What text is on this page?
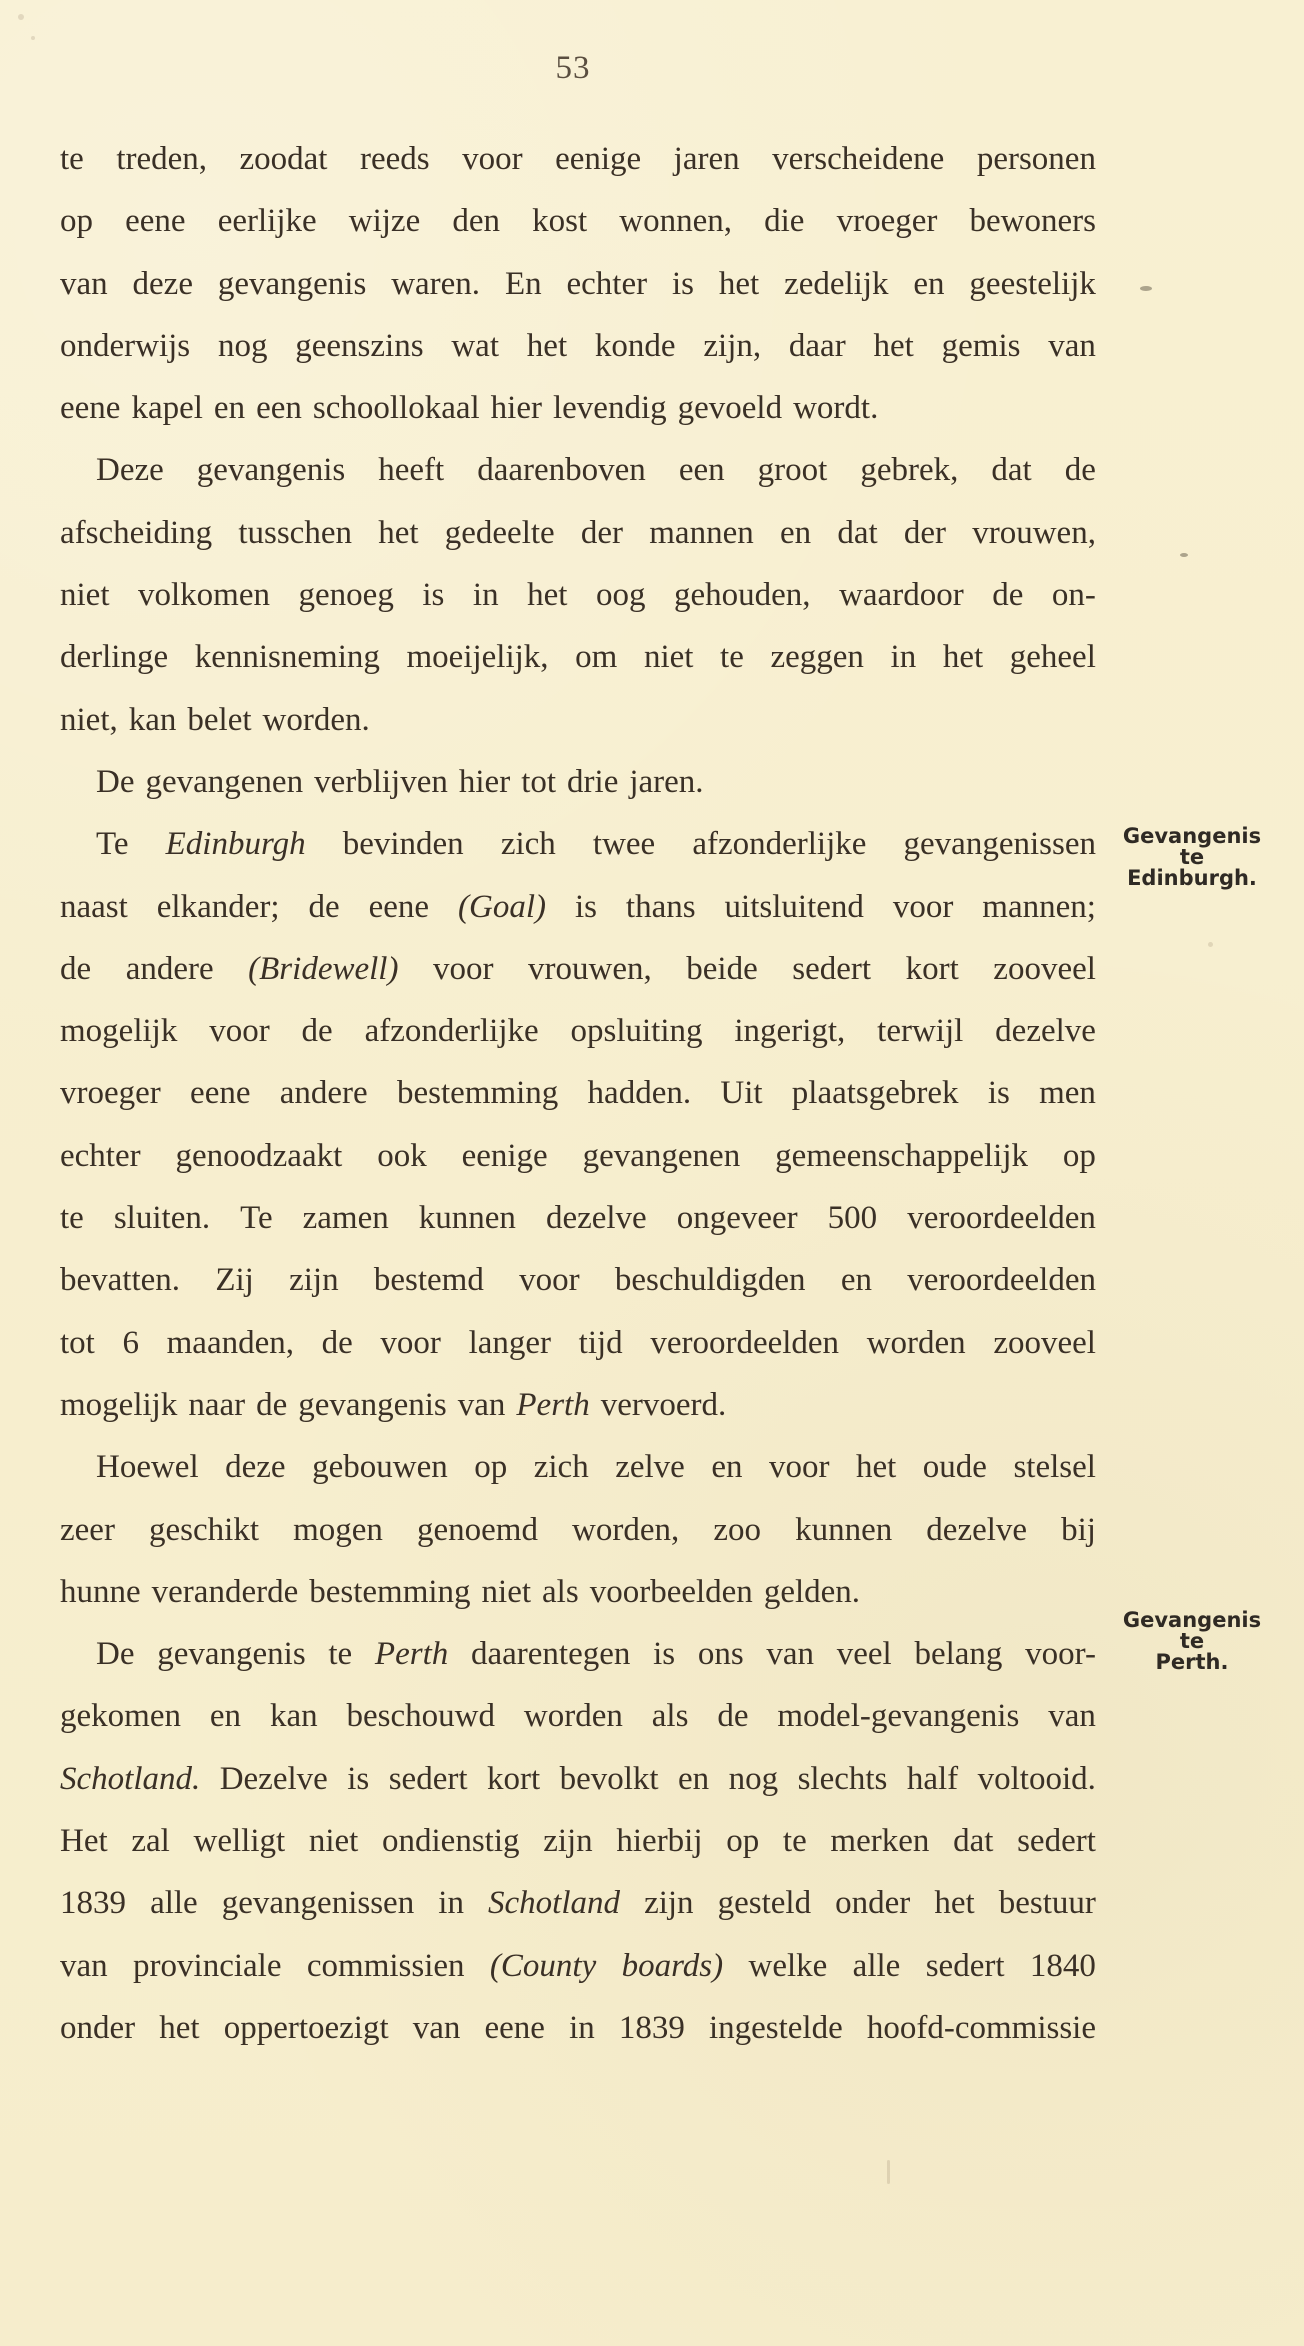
53
te treden, zoodat reeds voor eenige jaren verscheidene personen
op eene eerlijke wijze den kost wonnen, die vroeger bewoners
van deze gevangenis waren. En echter is het zedelijk en geestelijk
onderwijs nog geenszins wat het konde zijn, daar het gemis van
eene kapel en een schoollokaal hier levendig gevoeld wordt.
Deze gevangenis heeft daarenboven een groot gebrek, dat de
afscheiding tusschen het gedeelte der mannen en dat der vrouwen,
niet volkomen genoeg is in het oog gehouden, waardoor de on-
derlinge kennisneming moeijelijk, om niet te zeggen in het geheel
niet, kan belet worden.
De gevangenen verblijven hier tot drie jaren.
Te Edinburgh bevinden zich twee afzonderlijke gevangenissen
naast elkander; de eene (Goal) is thans uitsluitend voor mannen;
de andere (Bridewell) voor vrouwen, beide sedert kort zooveel
mogelijk voor de afzonderlijke opsluiting ingerigt, terwijl dezelve
vroeger eene andere bestemming hadden. Uit plaatsgebrek is men
echter genoodzaakt ook eenige gevangenen gemeenschappelijk op
te sluiten. Te zamen kunnen dezelve ongeveer 500 veroordeelden
bevatten. Zij zijn bestemd voor beschuldigden en veroordeelden
tot 6 maanden, de voor langer tijd veroordeelden worden zooveel
mogelijk naar de gevangenis van Perth vervoerd.
Hoewel deze gebouwen op zich zelve en voor het oude stelsel
zeer geschikt mogen genoemd worden, zoo kunnen dezelve bij
hunne veranderde bestemming niet als voorbeelden gelden.
De gevangenis te Perth daarentegen is ons van veel belang voor-
gekomen en kan beschouwd worden als de model-gevangenis van
Schotland. Dezelve is sedert kort bevolkt en nog slechts half voltooid.
Het zal welligt niet ondienstig zijn hierbij op te merken dat sedert
1839 alle gevangenissen in Schotland zijn gesteld onder het bestuur
van provinciale commissien (County boards) welke alle sedert 1840
onder het oppertoezigt van eene in 1839 ingestelde hoofd-commissie
Gevangenis
te
Edinburgh.
Gevangenis
te
Perth.
